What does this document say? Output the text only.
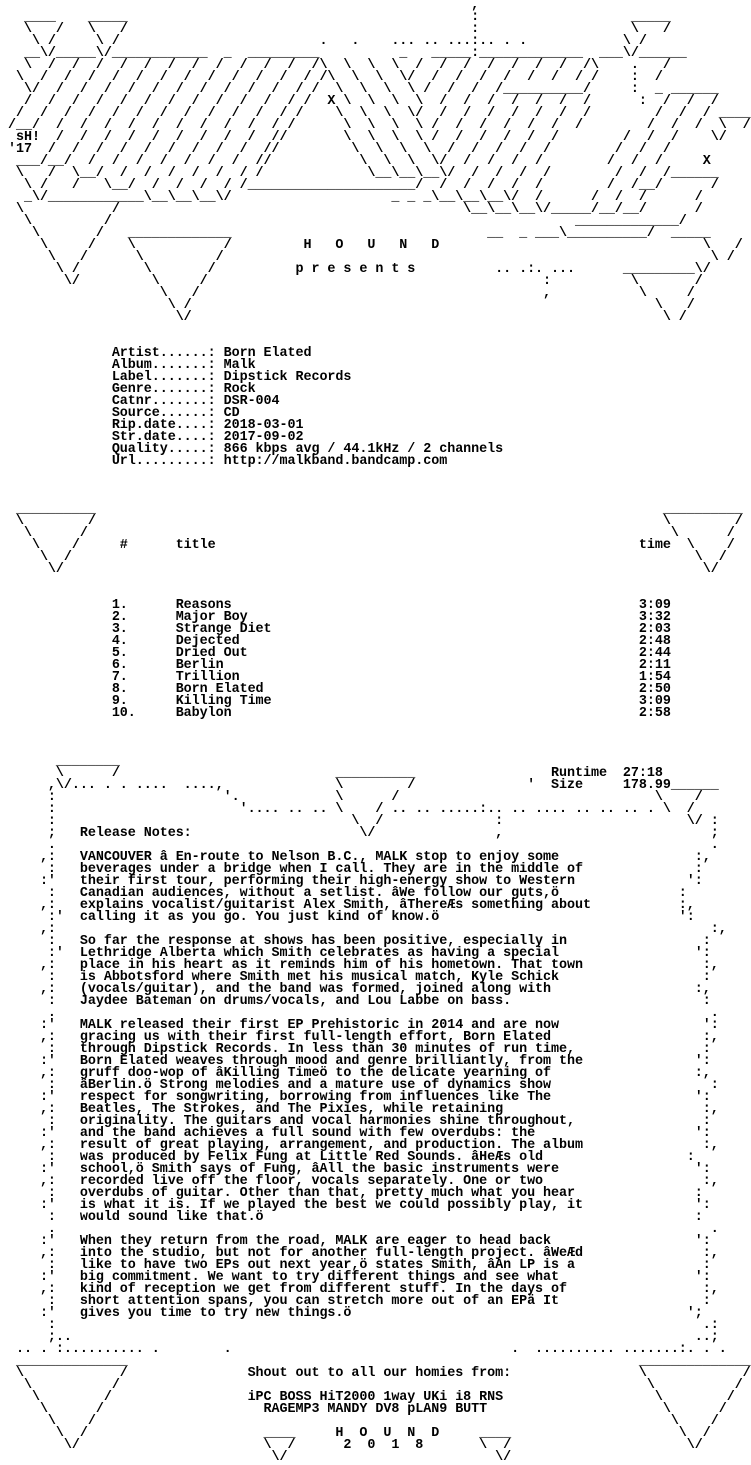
,
____    _____                                           :                   _____
\   /   \   /                                           :                   \   /
\ /     \ /                         .   .    ... .. ...:.. . .            \ /
__\/_____\/____________  _  _________          _   _____:_____________  ___\/______
\  /  /  /  /  /  /  /  /  /  /  /  /\  \  \  \  /  /  /  /  /  /  /  /\    .   /
\  /  /  /  /  /  /  /  /  /  /  /  / /\  \  \  \/  /  /  /  /  /  /  / /    :  /
\/  /  /  /  /  /  /  /  /  /  /  / /  \  \  \  \ /  /  /  /__________/     :  _ ______
/  /  /  /  /  /  /  /  /  /  /  / /  X \  \  \  \  /  /  /  /  /  /  /      :  /  /  /
/  /  /  /  /  /  /  /  /  /  /  / /    \  \  \  \/  /  /  /  /  /  /  /        /  /  / ____
/__/  /  /  /  /  /  /  /  /  /  / /      \  \  \  \ /  /  /  /  /  /  /        /  /  /  \  /
sH!  /  /  /  /  /  /  /  /  /  //       \  \  \  \ /  /  /  /  /  /        /  /  /    \/
'17  /  /  /  /  /  /  /  /  /  //         \  \  \  \  /  /  /  /  /        /  /  /
___/__/  /  /  /  /  /  /  /  //           \  \  \  \/  /  /  /  /        /  /  /     X
\   /  \__/  /  /  /  /  /  / /             \__\__\__\/  /  /  /  /        /  /  /______
\ /   /   \__/  /  /  /  / /_____________________/  /  /  /  /  /        /  /__/      /
_\/____________\__\__\__\/                    _ _ _\__\__\__\/  /      /  /  /      /
\           /                                           \__\__\__\/_____/__/__/      /
\         /                                                          _____________/
\       /   _____________                                __  _ ___\__________/  _____
\     /    \           /         H   O   U   N   D                                 \   /
\   /      \         /                                                             \ /
\ /        \       /          p r e s e n t s          .. .:. ...      _________\/
\/         \     /                                          :          \       /
\   /                                           ,           \     /
\ /                                                          \   /
\/                                                           \ /
Artist......: Born Elated
Album.......: Malk
Label.......: Dipstick Records
Genre.......: Rock
Catnr.......: DSR-004
Source......: CD
Rip.date....: 2018-03-01
Str.date....: 2017-09-02
Quality.....: 866 kbps avg / 44.1kHz / 2 channels
Url.........: http://malkband.bandcamp.com
__________                                                                       __________
\        /                                                                       \        /
\      /                                                                         \      /
\    /     #      title                                                     time  \    /
\  /                                                                              \  /
\/                                                                                \/
1.      Reasons                                                   3:09
2.      Major Boy                                                 3:32
3.      Strange Diet                                              2:03
4.      Dejected                                                  2:48
5.      Dried Out                                                 2:44
6.      Berlin                                                    2:11
7.      Trillion                                                  1:54
8.      Born Elated                                               2:50
9.      Killing Time                                              3:09
10.     Babylon                                                   2:58
________
\      /                           __________                 Runtime  27:18
,\/... . . ....  ....,              \        /              '  Size     178.99______
:                     '.            \      /                                \    /
:                       '.... .. .. \    / .. .. .....:.. .. .... .. .. .. . \  /
:                                     \  /              :                       \/ :
;   Release Notes:                     \/               ,                          ;
.                                                                                  .
,:   VANCOUVER â En-route to Nelson B.C., MALK stop to enjoy some                 :,
:   beverages under a bridge when I call. They are in the middle of              :
:'   their first tour, performing their high-energy show to Western              ':
:   Canadian audiences, without a setlist. âWe follow our guts,ö               :
,:   explains vocalist/guitarist Alex Smith, âThereÆs something about           :,
:'  calling it as you go. You just kind of know.ö                              ':
,:                                                                                  :,
:   So far the response at shows has been positive, especially in                 :
:'  Lethridge Alberta which Smith celebrates as having a special                 ':
,:   place in his heart as it reminds him of his hometown. That town               :,
:   is Abbotsford where Smith met his musical match, Kyle Schick                  :
,:   (vocals/guitar), and the band was formed, joined along with                  :,
:   Jaydee Bateman on drums/vocals, and Lou Labbe on bass.                        :
.                                                                                  .
:'   MALK released their first EP Prehistoric in 2014 and are now                  ':
,:   gracing us with their first full-length effort, Born Elated                   :,
:   through Dipstick Records. In less than 30 minutes of run time,                :
:'   Born Elated weaves through mood and genre brilliantly, from the              ':
,:   gruff doo-wop of âKilling Timeö to the delicate yearning of                  :,
:   âBerlin.ö Strong melodies and a mature use of dynamics show                    :
:'   respect for songwriting, borrowing from influences like The                  ':
,:   Beatles, The Strokes, and The Pixies, while retaining                         :,
:   originality. The guitars and vocal harmonies shine throughout,                :
:'   and the band achieves a full sound with few overdubs: the                    ':
,:   result of great playing, arrangement, and production. The album               :,
:   was produced by Felix Fung at Little Red Sounds. âHeÆs old                  :
:'   school,ö Smith says of Fung, âAll the basic instruments were                 ':
,:   recorded live off the floor, vocals separately. One or two                    :,
:   overdubs of guitar. Other than that, pretty much what you hear               :
:'   is what it is. If we played the best we could possibly play, it              ':
:   would sound like that.ö                                                      :
.                                                                                  .
:'   When they return from the road, MALK are eager to head back                  ':
,:   into the studio, but not for another full-length project. âWeÆd               :,
:   like to have two EPs out next year,ö states Smith, âAn LP is a                :
:'   big commitment. We want to try different things and see what                 ':
,:   kind of reception we get from different stuff. In the days of                 :,
:   short attention spans, you can stretch more out of an EPä It                  :
:'   gives you time to try new things.ö                                          ';
:                                                                                 .:
;..                                                                              ..;
.. . :.......... .        .                                   .  .......... .......:. . .
______________                                                                ______________
\            /               Shout out to all our homies from:                \            /
\          /                                                                  \          /
\        /                 iPC BOSS HiT2000 1way UKi i8 RNS                   \        /
\      /                    RAGEMP3 MANDY DV8 pLAN9 BUTT                      \      /
\    /                                                                        \    /
\  /                      ____     H  O  U  N  D     ____                     \  /
\/                       \  /      2  0  1  8       \  /                      \/
\/                          \/
